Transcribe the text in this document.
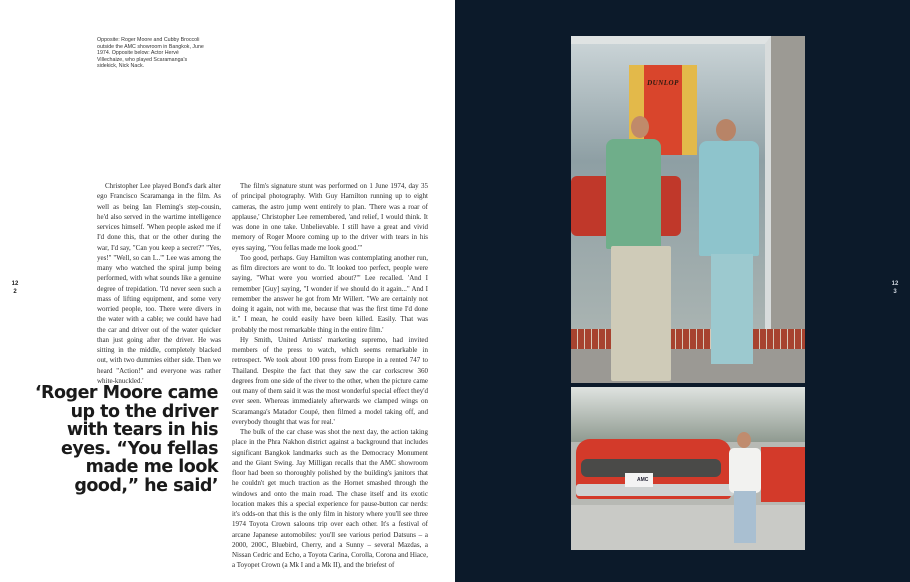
Opposite: Roger Moore and Cubby Broccoli outside the AMC showroom in Bangkok, June 1974. Opposite below: Actor Hervé Villechaize, who played Scaramanga's sidekick, Nick Nack.
122

Christopher Lee played Bond's dark alter ego Francisco Scaramanga in the film. As well as being Ian Fleming's step-cousin, he'd also served in the wartime intelligence services himself. 'When people asked me if I'd done this, that or the other during the war, I'd say, "Can you keep a secret?" "Yes, yes!" "Well, so can I..."' Lee was among the many who watched the spiral jump being performed, with what sounds like a genuine degree of trepidation. 'I'd never seen such a mass of lifting equipment, and some very worried people, too. There were divers in the water with a cable; we could have had the car and driver out of the water quicker than just going after the driver. He was sitting in the middle, completely blacked out, with two dummies either side. Then we heard "Action!" and everyone was rather white-knuckled.'

‘Roger Moore came up to the driver with tears in his eyes. “You fellas made me look good,” he said’

The film's signature stunt was performed on 1 June 1974, day 35 of principal photography. With Guy Hamilton running up to eight cameras, the astro jump went entirely to plan. 'There was a roar of applause,' Christopher Lee remembered, 'and relief, I would think. It was done in one take. Unbelievable. I still have a great and vivid memory of Roger Moore coming up to the driver with tears in his eyes saying, "You fellas made me look good."'

Too good, perhaps. Guy Hamilton was contemplating another run, as film directors are wont to do. 'It looked too perfect, people were saying, "What were you worried about?"' Lee recalled. 'And I remember [Guy] saying, "I wonder if we should do it again..." And I remember the answer he got from Mr Willert. "We are certainly not doing it again, not with me, because that was the first time I'd done it." I mean, he could easily have been killed. Easily. That was probably the most remarkable thing in the entire film.'

Hy Smith, United Artists' marketing supremo, had invited members of the press to watch, which seems remarkable in retrospect. 'We took about 100 press from Europe in a rented 747 to Thailand. Despite the fact that they saw the car corkscrew 360 degrees from one side of the river to the other, when the picture came out many of them said it was the most wonderful special effect they'd ever seen. Whereas immediately afterwards we clamped wings on Scaramanga's Matador Coupé, then filmed a model taking off, and everybody thought that was for real.'

The bulk of the car chase was shot the next day, the action taking place in the Phra Nakhon district against a background that includes significant Bangkok landmarks such as the Democracy Monument and the Giant Swing. Jay Milligan recalls that the AMC showroom floor had been so thoroughly polished by the building's janitors that he couldn't get much traction as the Hornet smashed through the windows and onto the main road. The chase itself and its exotic location makes this a special experience for pause-button car nerds: it's odds-on that this is the only film in history where you'll see three 1974 Toyota Crown saloons trip over each other. It's a festival of arcane Japanese automobiles: you'll see various period Datsuns – a 2000, 200C, Bluebird, Cherry, and a Sunny – several Mazdas, a Nissan Cedric and Echo, a Toyota Carina, Corolla, Corona and Hiace, a Toyopet Crown (a Mk I and a Mk II), and the briefest of

123
DUNLOP
AMC
